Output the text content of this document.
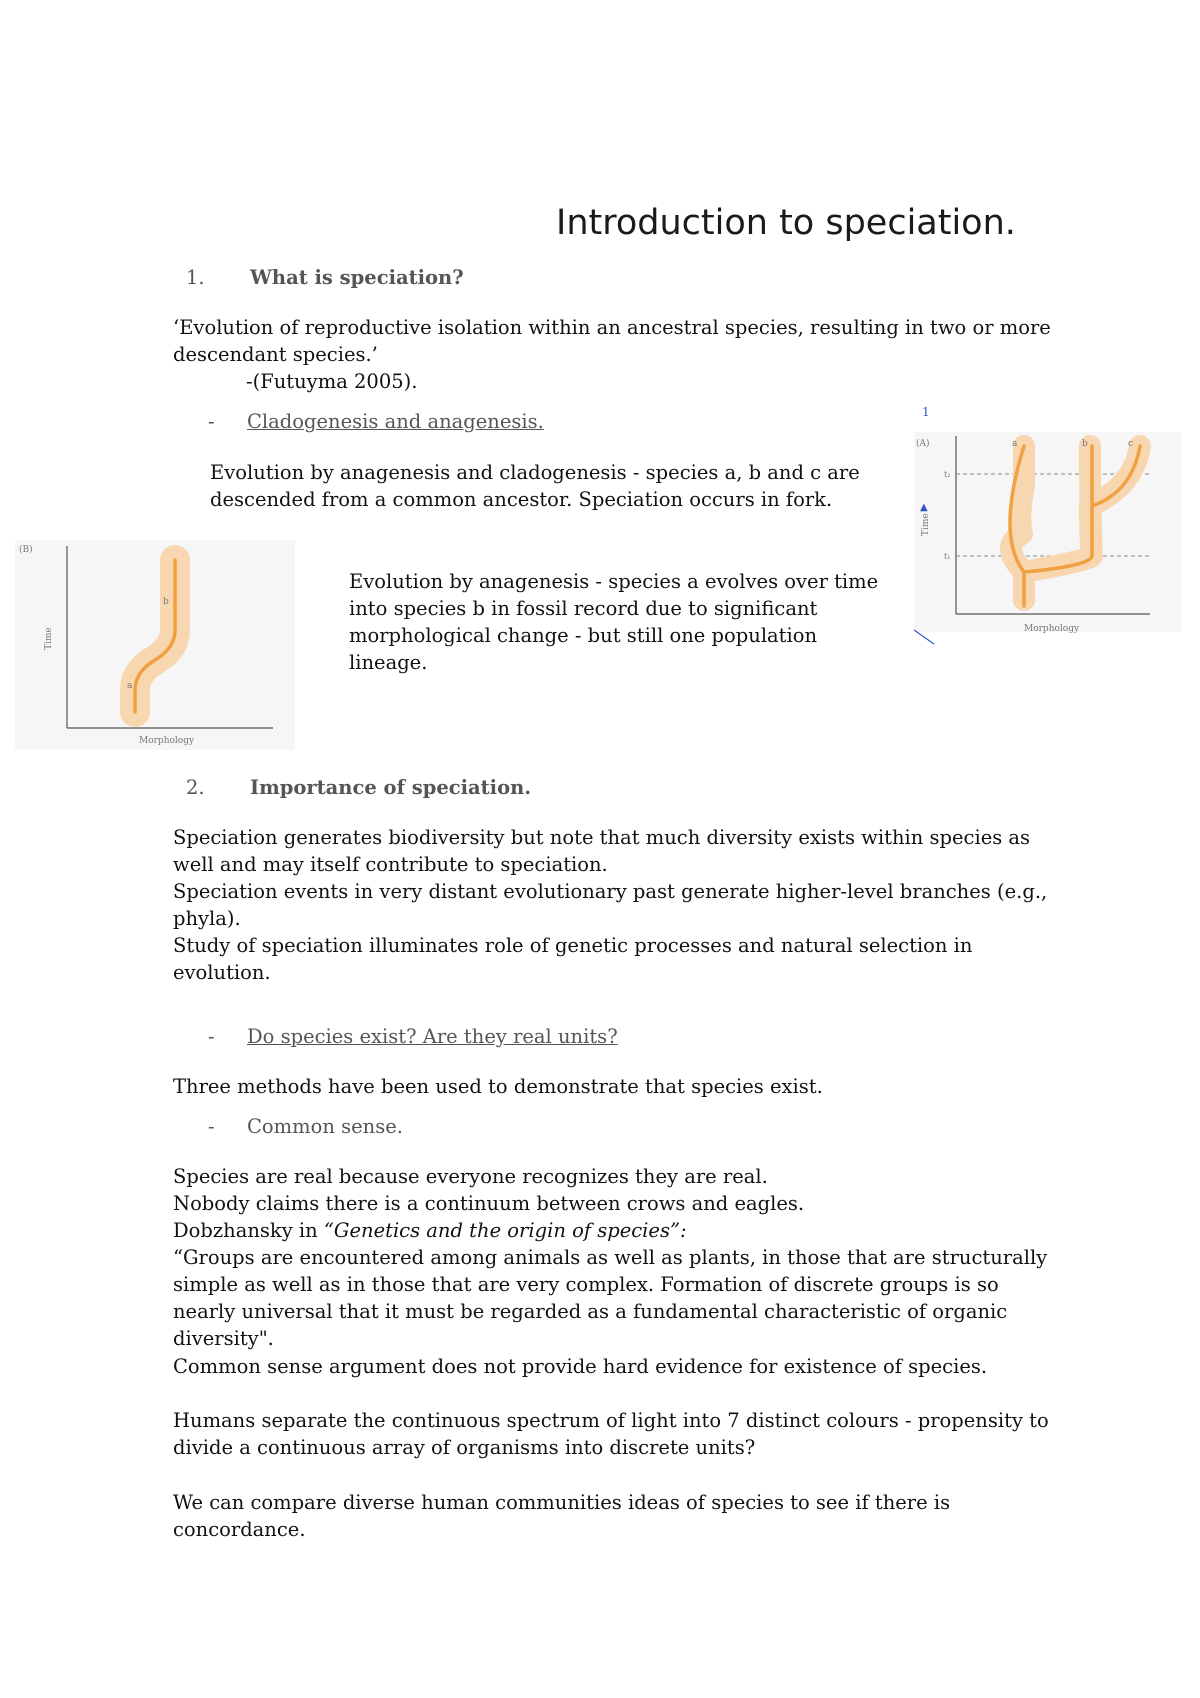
Introduction to speciation.
1. What is speciation?

‘Evolution of reproductive isolation within an ancestral species, resulting in two or more descendant species.’

-(Futuyma 2005).

- Cladogenesis and anagenesis.

Evolution by anagenesis and cladogenesis - species a, b and c are descended from a common ancestor. Speciation occurs in fork.

Evolution by anagenesis - species a evolves over time into species b in fossil record due to significant morphological change - but still one population lineage.

1
(A)
t₂
t₁
Time
Morphology
a	b	c
▲
(B)
Time
Morphology
b
a
2. Importance of speciation.

Speciation generates biodiversity but note that much diversity exists within species as well and may itself contribute to speciation.

Speciation events in very distant evolutionary past generate higher-level branches (e.g., phyla).

Study of speciation illuminates role of genetic processes and natural selection in evolution.

- Do species exist? Are they real units?

Three methods have been used to demonstrate that species exist.

- Common sense.

Species are real because everyone recognizes they are real.

Nobody claims there is a continuum between crows and eagles.

Dobzhansky in “Genetics and the origin of species”:

“Groups are encountered among animals as well as plants, in those that are structurally simple as well as in those that are very complex. Formation of discrete groups is so nearly universal that it must be regarded as a fundamental characteristic of organic diversity".

Common sense argument does not provide hard evidence for existence of species.

Humans separate the continuous spectrum of light into 7 distinct colours - propensity to divide a continuous array of organisms into discrete units?

We can compare diverse human communities ideas of species to see if there is concordance.
